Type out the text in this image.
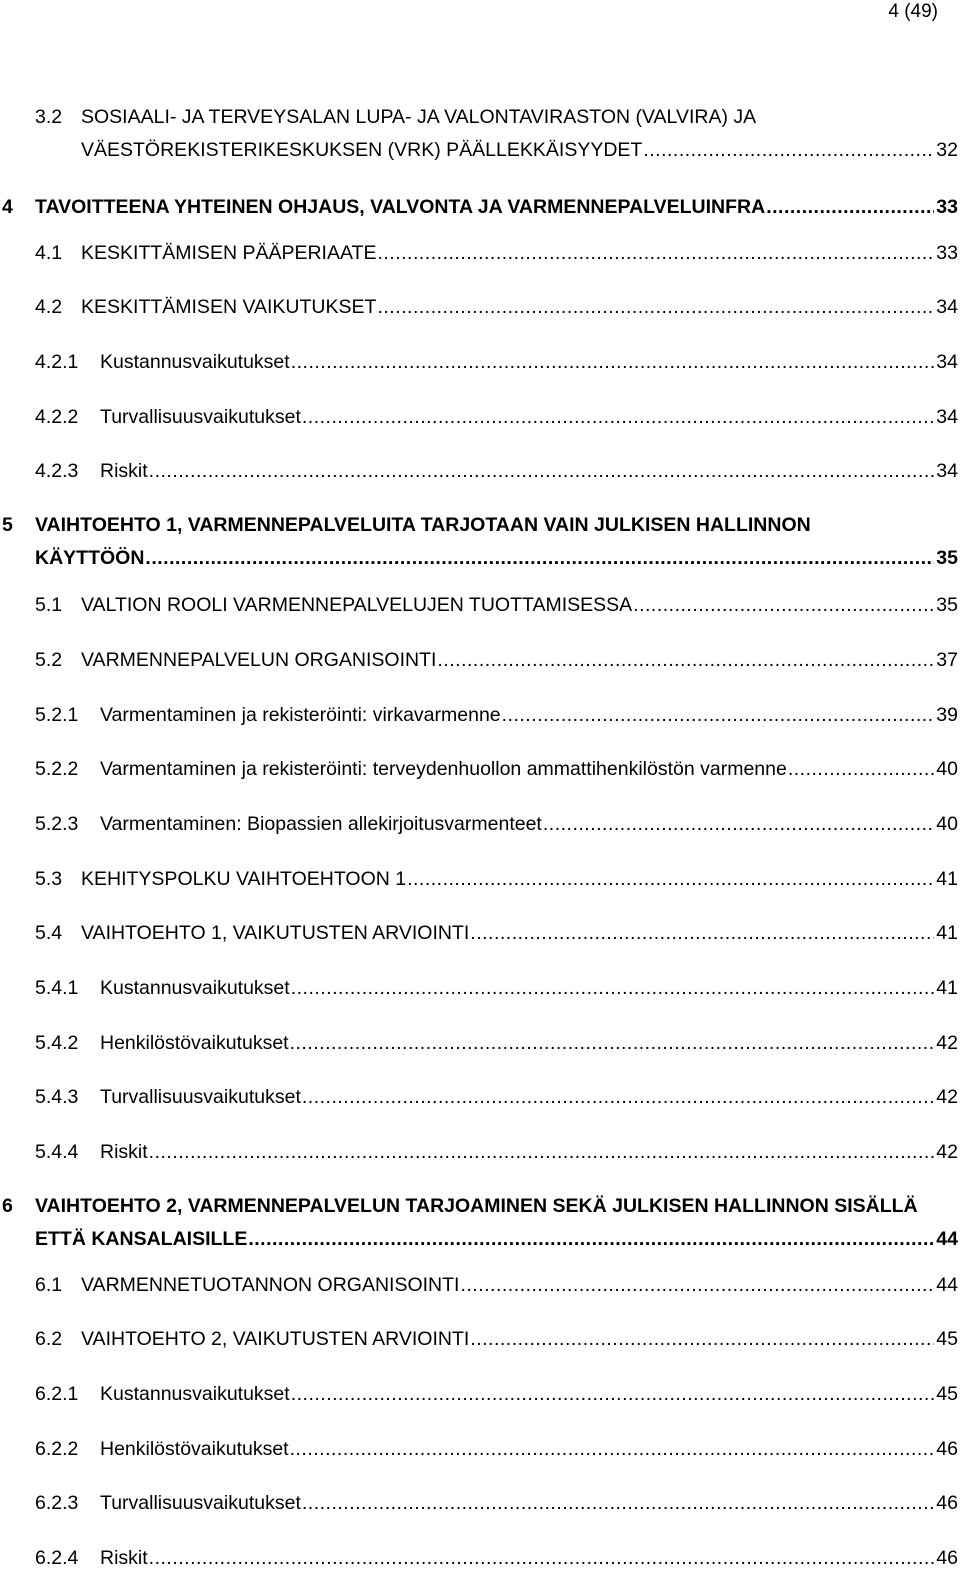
4 (49)
3.2 SOSIAALI- JA TERVEYSALAN LUPA- JA VALONTAVIRASTON (VALVIRA) JA
VÄESTÖREKISTERIKESKUKSEN (VRK) PÄÄLLEKKÄISYYDET .....	32
4 TAVOITTEENA YHTEINEN OHJAUS, VALVONTA JA VARMENNEPALVELUINFRA .....	33
4.1 KESKITTÄMISEN PÄÄPERIAATE .....	33
4.2 KESKITTÄMISEN VAIKUTUKSET .....	34
4.2.1 Kustannusvaikutukset .....	34
4.2.2 Turvallisuusvaikutukset .....	34
4.2.3 Riskit .....	34
5 VAIHTOEHTO 1, VARMENNEPALVELUITA TARJOTAAN VAIN JULKISEN HALLINNON
KÄYTTÖÖN .....	35
5.1 VALTION ROOLI VARMENNEPALVELUJEN TUOTTAMISESSA .....	35
5.2 VARMENNEPALVELUN ORGANISOINTI .....	37
5.2.1 Varmentaminen ja rekisteröinti: virkavarmenne .....	39
5.2.2 Varmentaminen ja rekisteröinti: terveydenhuollon ammattihenkilöstön varmenne .....	40
5.2.3 Varmentaminen: Biopassien allekirjoitusvarmenteet .....	40
5.3 KEHITYSPOLKU VAIHTOEHTOON 1 .....	41
5.4 VAIHTOEHTO 1, VAIKUTUSTEN ARVIOINTI .....	41
5.4.1 Kustannusvaikutukset .....	41
5.4.2 Henkilöstövaikutukset .....	42
5.4.3 Turvallisuusvaikutukset .....	42
5.4.4 Riskit .....	42
6 VAIHTOEHTO 2, VARMENNEPALVELUN TARJOAMINEN SEKÄ JULKISEN HALLINNON SISÄLLÄ
ETTÄ KANSALAISILLE .....	44
6.1 VARMENNETUOTANNON ORGANISOINTI .....	44
6.2 VAIHTOEHTO 2, VAIKUTUSTEN ARVIOINTI .....	45
6.2.1 Kustannusvaikutukset .....	45
6.2.2 Henkilöstövaikutukset .....	46
6.2.3 Turvallisuusvaikutukset .....	46
6.2.4 Riskit .....	46
